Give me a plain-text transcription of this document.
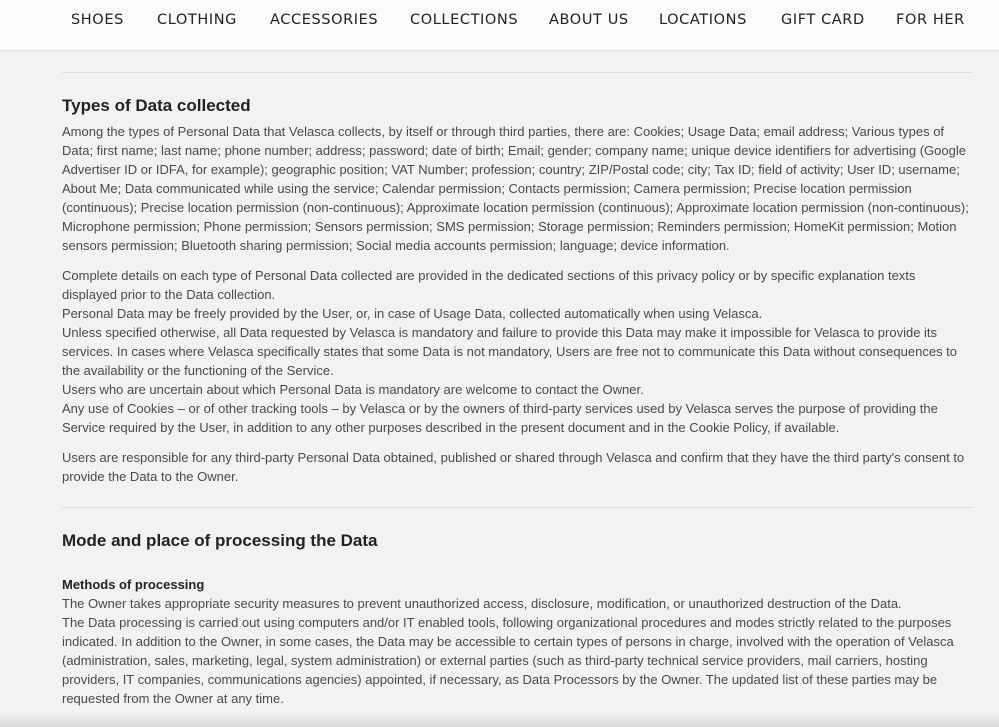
SHOES CLOTHING ACCESSORIES COLLECTIONS ABOUT US LOCATIONS GIFT CARD FOR HER
Types of Data collected

Among the types of Personal Data that Velasca collects, by itself or through third parties, there are: Cookies; Usage Data; email address; Various types of Data; first name; last name; phone number; address; password; date of birth; Email; gender; company name; unique device identifiers for advertising (Google Advertiser ID or IDFA, for example); geographic position; VAT Number; profession; country; ZIP/Postal code; city; Tax ID; field of activity; User ID; username; About Me; Data communicated while using the service; Calendar permission; Contacts permission; Camera permission; Precise location permission (continuous); Precise location permission (non-continuous); Approximate location permission (continuous); Approximate location permission (non-continuous); Microphone permission; Phone permission; Sensors permission; SMS permission; Storage permission; Reminders permission; HomeKit permission; Motion sensors permission; Bluetooth sharing permission; Social media accounts permission; language; device information.

Complete details on each type of Personal Data collected are provided in the dedicated sections of this privacy policy or by specific explanation texts displayed prior to the Data collection.

Personal Data may be freely provided by the User, or, in case of Usage Data, collected automatically when using Velasca.

Unless specified otherwise, all Data requested by Velasca is mandatory and failure to provide this Data may make it impossible for Velasca to provide its services. In cases where Velasca specifically states that some Data is not mandatory, Users are free not to communicate this Data without consequences to the availability or the functioning of the Service.

Users who are uncertain about which Personal Data is mandatory are welcome to contact the Owner.

Any use of Cookies – or of other tracking tools – by Velasca or by the owners of third-party services used by Velasca serves the purpose of providing the Service required by the User, in addition to any other purposes described in the present document and in the Cookie Policy, if available.

Users are responsible for any third-party Personal Data obtained, published or shared through Velasca and confirm that they have the third party's consent to provide the Data to the Owner.

Mode and place of processing the Data
Methods of processing

The Owner takes appropriate security measures to prevent unauthorized access, disclosure, modification, or unauthorized destruction of the Data.

The Data processing is carried out using computers and/or IT enabled tools, following organizational procedures and modes strictly related to the purposes indicated. In addition to the Owner, in some cases, the Data may be accessible to certain types of persons in charge, involved with the operation of Velasca (administration, sales, marketing, legal, system administration) or external parties (such as third-party technical service providers, mail carriers, hosting providers, IT companies, communications agencies) appointed, if necessary, as Data Processors by the Owner. The updated list of these parties may be requested from the Owner at any time.
